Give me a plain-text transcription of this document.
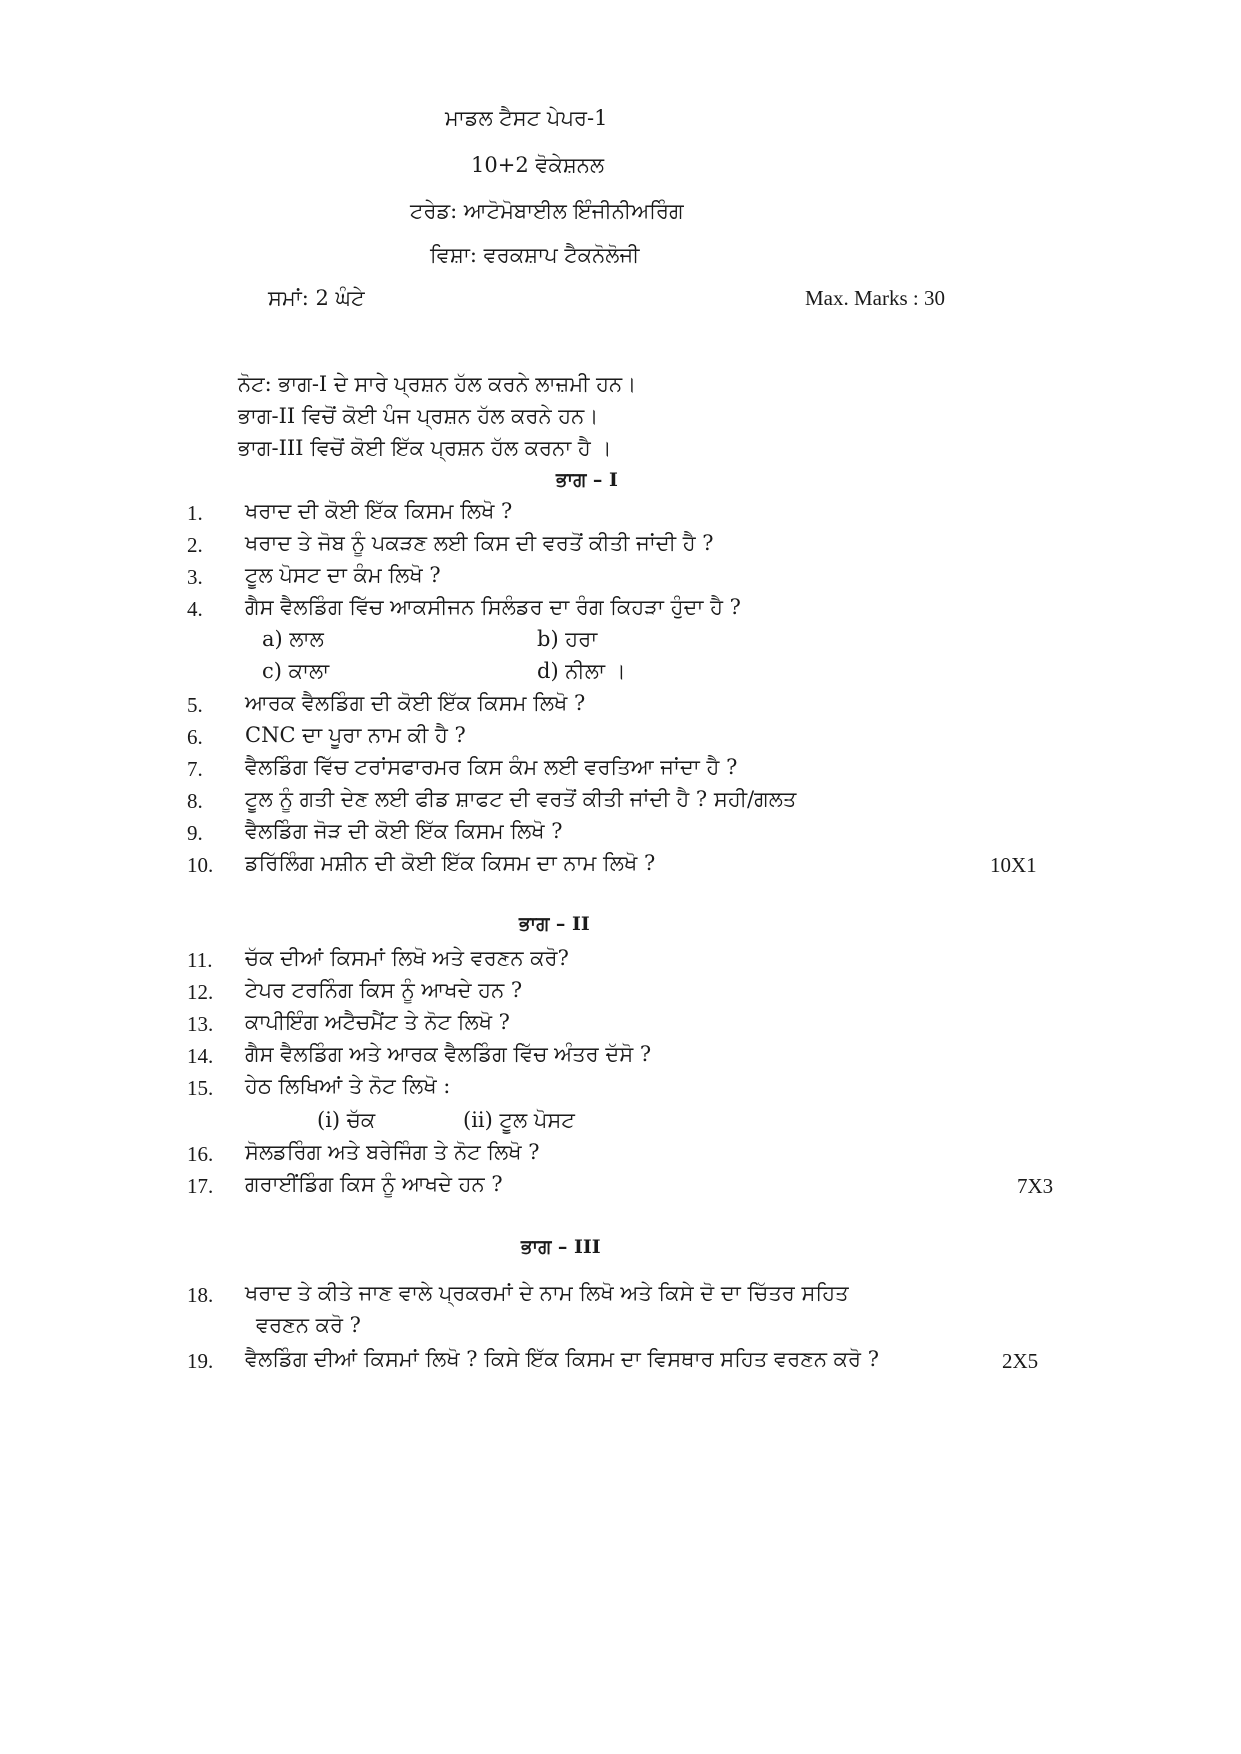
ਮਾਡਲ ਟੈਸਟ ਪੇਪਰ-1
10+2 ਵੋਕੇਸ਼ਨਲ
ਟਰੇਡ: ਆਟੋਮੋਬਾਈਲ ਇੰਜੀਨੀਅਰਿੰਗ
ਵਿਸ਼ਾ: ਵਰਕਸ਼ਾਪ ਟੈਕਨੋਲੋਜੀ
ਸਮਾਂ: 2 ਘੰਟੇ	Max. Marks : 30
ਨੋਟ: ਭਾਗ-I ਦੇ ਸਾਰੇ ਪ੍ਰਸ਼ਨ ਹੱਲ ਕਰਨੇ ਲਾਜ਼ਮੀ ਹਨ।
ਭਾਗ-II ਵਿਚੋਂ ਕੋਈ ਪੰਜ ਪ੍ਰਸ਼ਨ ਹੱਲ ਕਰਨੇ ਹਨ।
ਭਾਗ-III ਵਿਚੋਂ ਕੋਈ ਇੱਕ ਪ੍ਰਸ਼ਨ ਹੱਲ ਕਰਨਾ ਹੈ ।
ਭਾਗ – I
1. ਖਰਾਦ ਦੀ ਕੋਈ ਇੱਕ ਕਿਸਮ ਲਿਖੋ ?
2. ਖਰਾਦ ਤੇ ਜੋਬ ਨੂੰ ਪਕੜਣ ਲਈ ਕਿਸ ਦੀ ਵਰਤੋਂ ਕੀਤੀ ਜਾਂਦੀ ਹੈ ?
3. ਟੂਲ ਪੋਸਟ ਦਾ ਕੰਮ ਲਿਖੋ ?
4. ਗੈਸ ਵੈਲਡਿੰਗ ਵਿੱਚ ਆਕਸੀਜਨ ਸਿਲੰਡਰ ਦਾ ਰੰਗ ਕਿਹੜਾ ਹੁੰਦਾ ਹੈ ?
a) ਲਾਲ	b) ਹਰਾ
c) ਕਾਲਾ	d) ਨੀਲਾ ।
5. ਆਰਕ ਵੈਲਡਿੰਗ ਦੀ ਕੋਈ ਇੱਕ ਕਿਸਮ ਲਿਖੋ ?
6. CNC ਦਾ ਪੂਰਾ ਨਾਮ ਕੀ ਹੈ ?
7. ਵੈਲਡਿੰਗ ਵਿੱਚ ਟਰਾਂਸਫਾਰਮਰ ਕਿਸ ਕੰਮ ਲਈ ਵਰਤਿਆ ਜਾਂਦਾ ਹੈ ?
8. ਟੂਲ ਨੂੰ ਗਤੀ ਦੇਣ ਲਈ ਫੀਡ ਸ਼ਾਫਟ ਦੀ ਵਰਤੋਂ ਕੀਤੀ ਜਾਂਦੀ ਹੈ ? ਸਹੀ/ਗਲਤ
9. ਵੈਲਡਿੰਗ ਜੋੜ ਦੀ ਕੋਈ ਇੱਕ ਕਿਸਮ ਲਿਖੋ ?
10. ਡਰਿੱਲਿੰਗ ਮਸ਼ੀਨ ਦੀ ਕੋਈ ਇੱਕ ਕਿਸਮ ਦਾ ਨਾਮ ਲਿਖੋ ?	10X1
ਭਾਗ – II
11. ਚੱਕ ਦੀਆਂ ਕਿਸਮਾਂ ਲਿਖੋ ਅਤੇ ਵਰਣਨ ਕਰੋ?
12. ਟੇਪਰ ਟਰਨਿੰਗ ਕਿਸ ਨੂੰ ਆਖਦੇ ਹਨ ?
13. ਕਾਪੀਇੰਗ ਅਟੈਚਮੈਂਟ ਤੇ ਨੋਟ ਲਿਖੋ ?
14. ਗੈਸ ਵੈਲਡਿੰਗ ਅਤੇ ਆਰਕ ਵੈਲਡਿੰਗ ਵਿੱਚ ਅੰਤਰ ਦੱਸੋ ?
15. ਹੇਠ ਲਿਖਿਆਂ ਤੇ ਨੋਟ ਲਿਖੋ :
(i) ਚੱਕ	(ii) ਟੂਲ ਪੋਸਟ
16. ਸੋਲਡਰਿੰਗ ਅਤੇ ਬਰੇਜਿੰਗ ਤੇ ਨੋਟ ਲਿਖੋ ?
17. ਗਰਾਈਂਡਿੰਗ ਕਿਸ ਨੂੰ ਆਖਦੇ ਹਨ ?	7X3
ਭਾਗ – III
18. ਖਰਾਦ ਤੇ ਕੀਤੇ ਜਾਣ ਵਾਲੇ ਪ੍ਰਕਰਮਾਂ ਦੇ ਨਾਮ ਲਿਖੋ ਅਤੇ ਕਿਸੇ ਦੋ ਦਾ ਚਿੱਤਰ ਸਹਿਤ
ਵਰਣਨ ਕਰੋ ?
19. ਵੈਲਡਿੰਗ ਦੀਆਂ ਕਿਸਮਾਂ ਲਿਖੋ ? ਕਿਸੇ ਇੱਕ ਕਿਸਮ ਦਾ ਵਿਸਥਾਰ ਸਹਿਤ ਵਰਣਨ ਕਰੋ ?	2X5
